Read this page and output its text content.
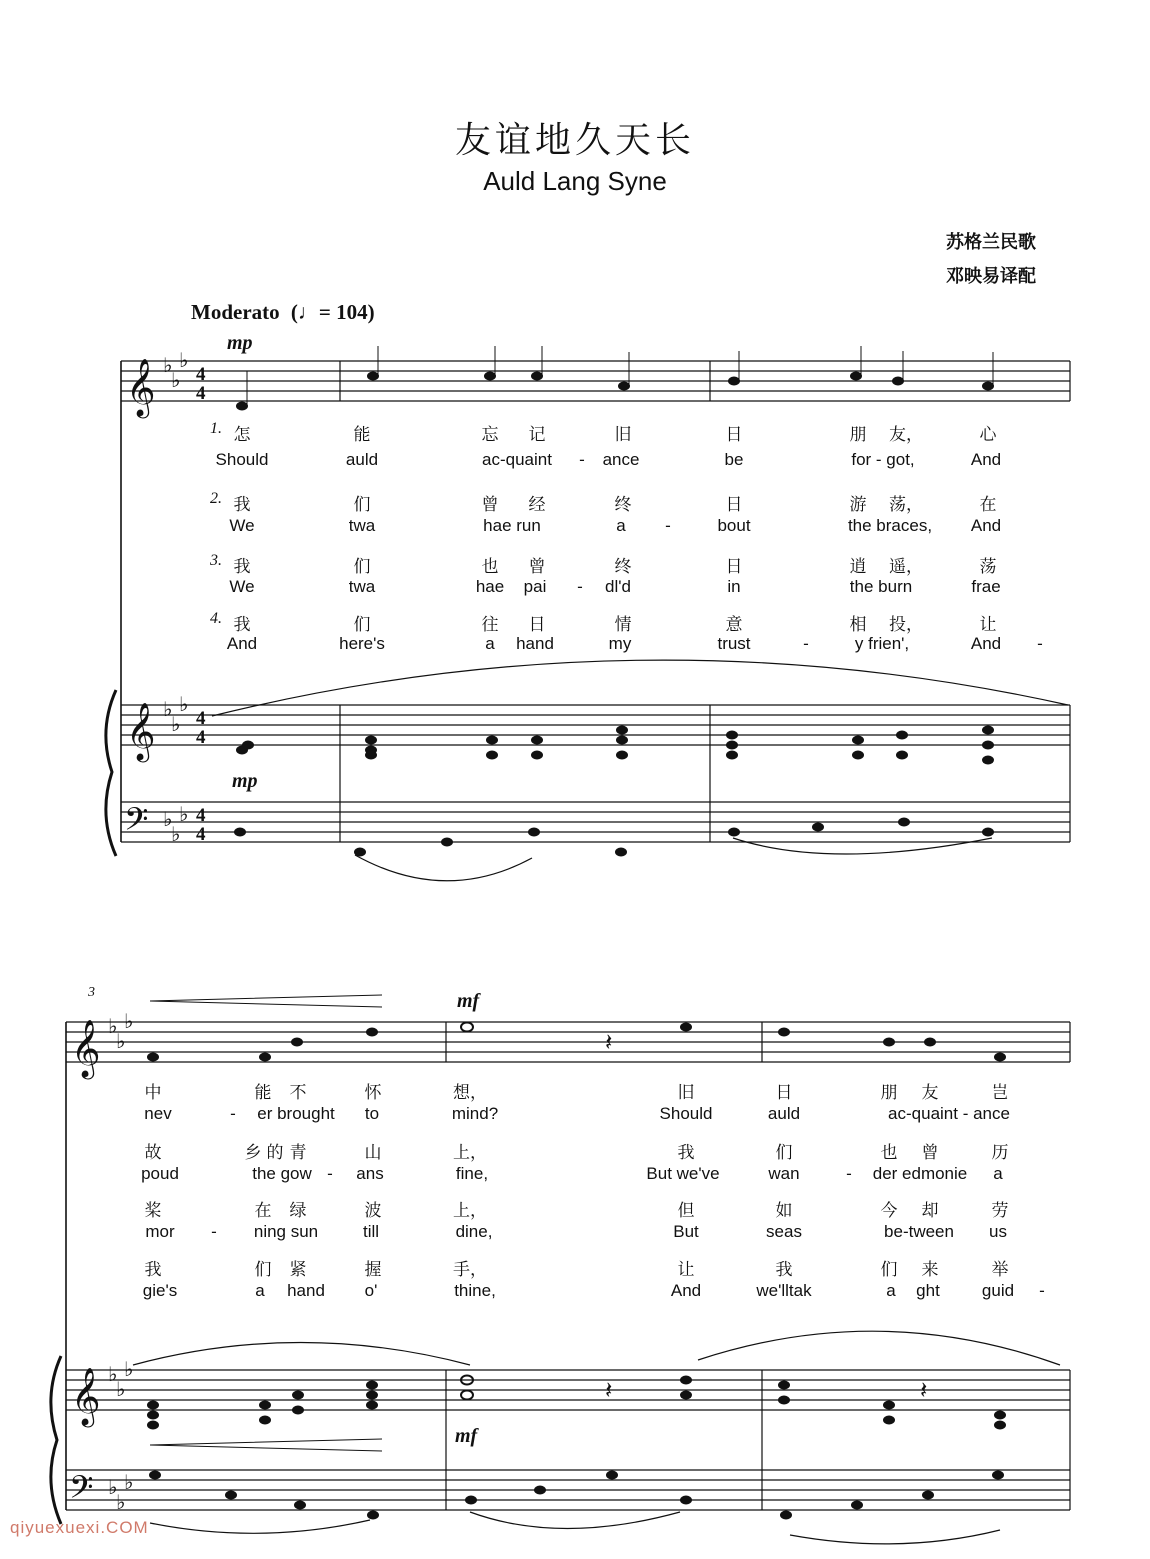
友谊地久天长
Auld Lang Syne
苏格兰民歌
邓映易译配
Moderato (♩= 104)
𝄞
𝄞
𝄢
𝄞
𝄞
𝄢
♭
♭
♭
♭
♭
♭
♭
♭
♭
♭
♭
♭
♭
♭
♭
♭
♭
♭
4
4
4
4
4
4
𝄽
𝄽	𝄽
mp
mp
mf
mf
3
1. 怎	能	忘 记	旧	日	朋 友，	心
Should	auld	ac-quaint - ance	be	for - got,	And
2. 我	们	曾 经	终	日	游 荡，	在
We	twa	hae run	a -	bout	the braces, And
3. 我	们	也 曾	终	日	逍 遥，	荡
We	twa	hae pai - dl'd	in	the burn	frae
4. 我	们	往 日	情	意	相 投，	让
And	here's	a hand	my	trust	-	y frien',	And -
中	能 不	怀	想，	旧	日	朋 友	岂
nev	- er brought to	mind?	Should	auld	ac-quaint - ance
故	乡 的 青	山	上，	我	们	也 曾	历
poud	the gow - ans	fine,	But we've	wan	- der edmonie a
桨	在 绿	波	上，	但	如	今 却	劳
mor - ning sun	till	dine,	But	seas	be-tween us
我	们 紧	握	手，	让	我	们 来	举
gie's	a hand o'	thine,	And	we'lltak	a ght guid -
qiyuexuexi.COM
